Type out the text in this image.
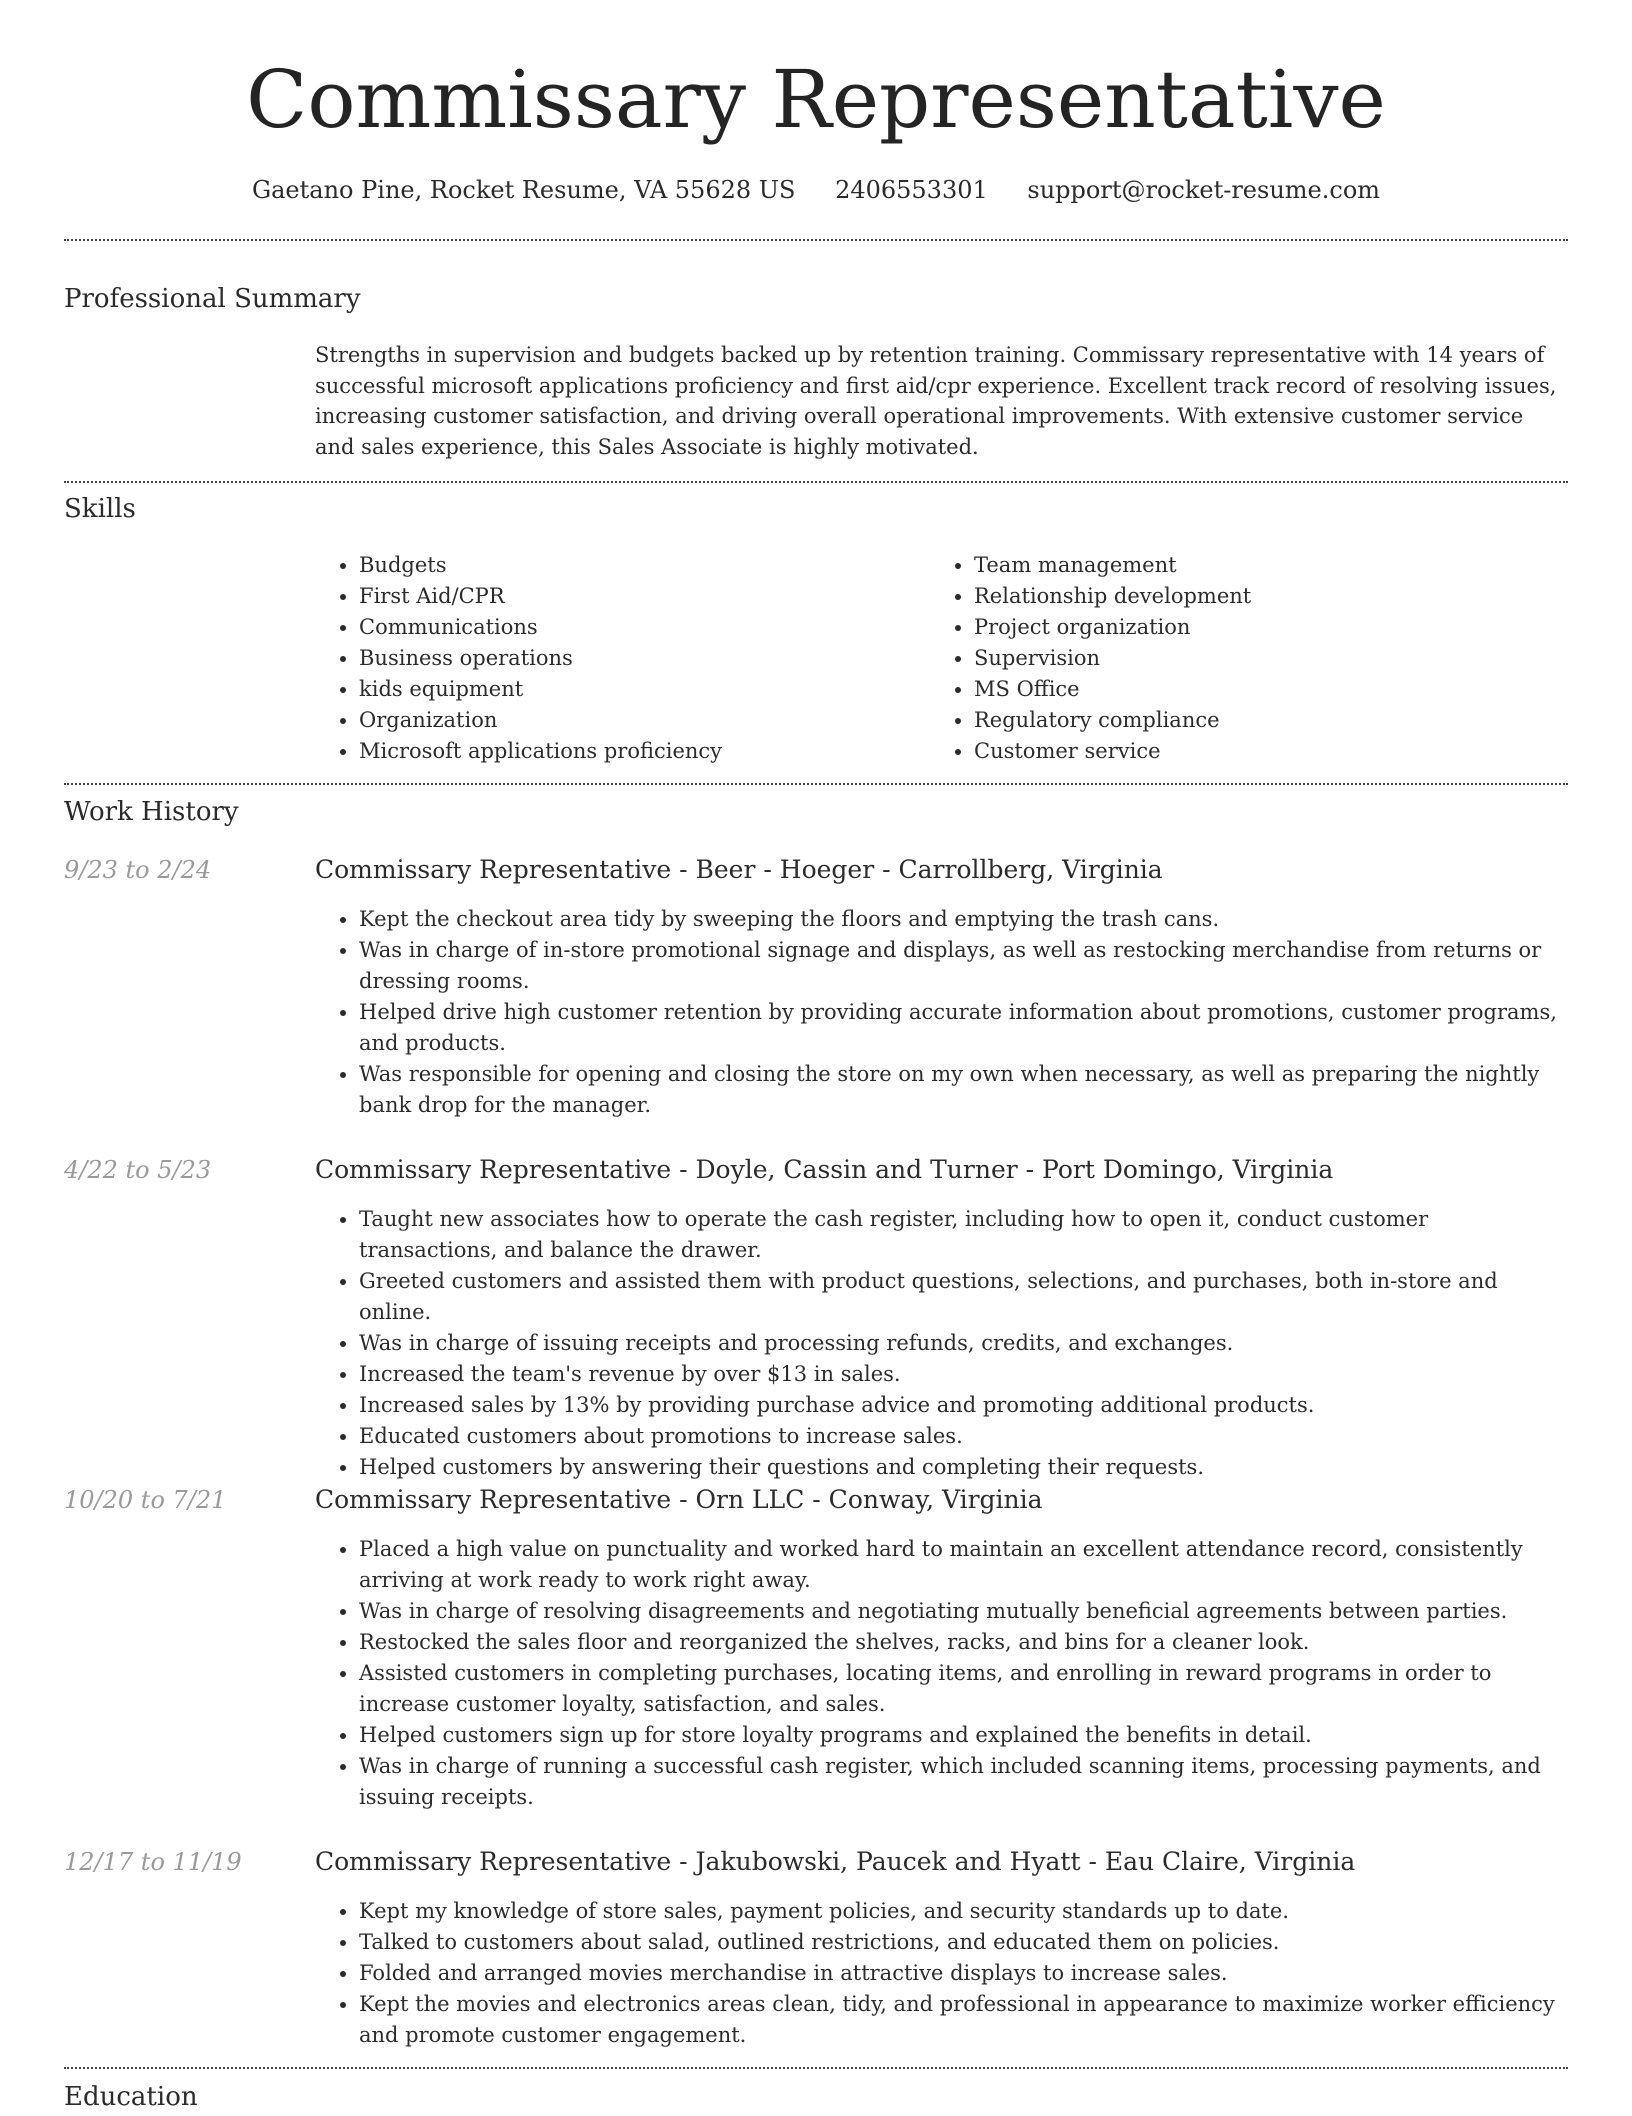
Commissary Representative
Gaetano Pine, Rocket Resume, VA 55628 US 2406553301 support@rocket-resume.com
Professional Summary

Strengths in supervision and budgets backed up by retention training. Commissary representative with 14 years of successful microsoft applications proficiency and first aid/cpr experience. Excellent track record of resolving issues, increasing customer satisfaction, and driving overall operational improvements. With extensive customer service and sales experience, this Sales Associate is highly motivated.

Skills
• Budgets
• First Aid/CPR
• Communications
• Business operations
• kids equipment
• Organization
• Microsoft applications proficiency
• Team management
• Relationship development
• Project organization
• Supervision
• MS Office
• Regulatory compliance
• Customer service
Work History
9/23 to 2/24	Commissary Representative - Beer - Hoeger - Carrollberg, Virginia
• Kept the checkout area tidy by sweeping the floors and emptying the trash cans.
• Was in charge of in-store promotional signage and displays, as well as restocking merchandise from returns or dressing rooms.
• Helped drive high customer retention by providing accurate information about promotions, customer programs, and products.
• Was responsible for opening and closing the store on my own when necessary, as well as preparing the nightly bank drop for the manager.
4/22 to 5/23	Commissary Representative - Doyle, Cassin and Turner - Port Domingo, Virginia
• Taught new associates how to operate the cash register, including how to open it, conduct customer transactions, and balance the drawer.
• Greeted customers and assisted them with product questions, selections, and purchases, both in-store and online.
• Was in charge of issuing receipts and processing refunds, credits, and exchanges.
• Increased the team's revenue by over $13 in sales.
• Increased sales by 13% by providing purchase advice and promoting additional products.
• Educated customers about promotions to increase sales.
• Helped customers by answering their questions and completing their requests.
10/20 to 7/21	Commissary Representative - Orn LLC - Conway, Virginia
• Placed a high value on punctuality and worked hard to maintain an excellent attendance record, consistently arriving at work ready to work right away.
• Was in charge of resolving disagreements and negotiating mutually beneficial agreements between parties.
• Restocked the sales floor and reorganized the shelves, racks, and bins for a cleaner look.
• Assisted customers in completing purchases, locating items, and enrolling in reward programs in order to increase customer loyalty, satisfaction, and sales.
• Helped customers sign up for store loyalty programs and explained the benefits in detail.
• Was in charge of running a successful cash register, which included scanning items, processing payments, and issuing receipts.
12/17 to 11/19	Commissary Representative - Jakubowski, Paucek and Hyatt - Eau Claire, Virginia
• Kept my knowledge of store sales, payment policies, and security standards up to date.
• Talked to customers about salad, outlined restrictions, and educated them on policies.
• Folded and arranged movies merchandise in attractive displays to increase sales.
• Kept the movies and electronics areas clean, tidy, and professional in appearance to maximize worker efficiency and promote customer engagement.
Education
